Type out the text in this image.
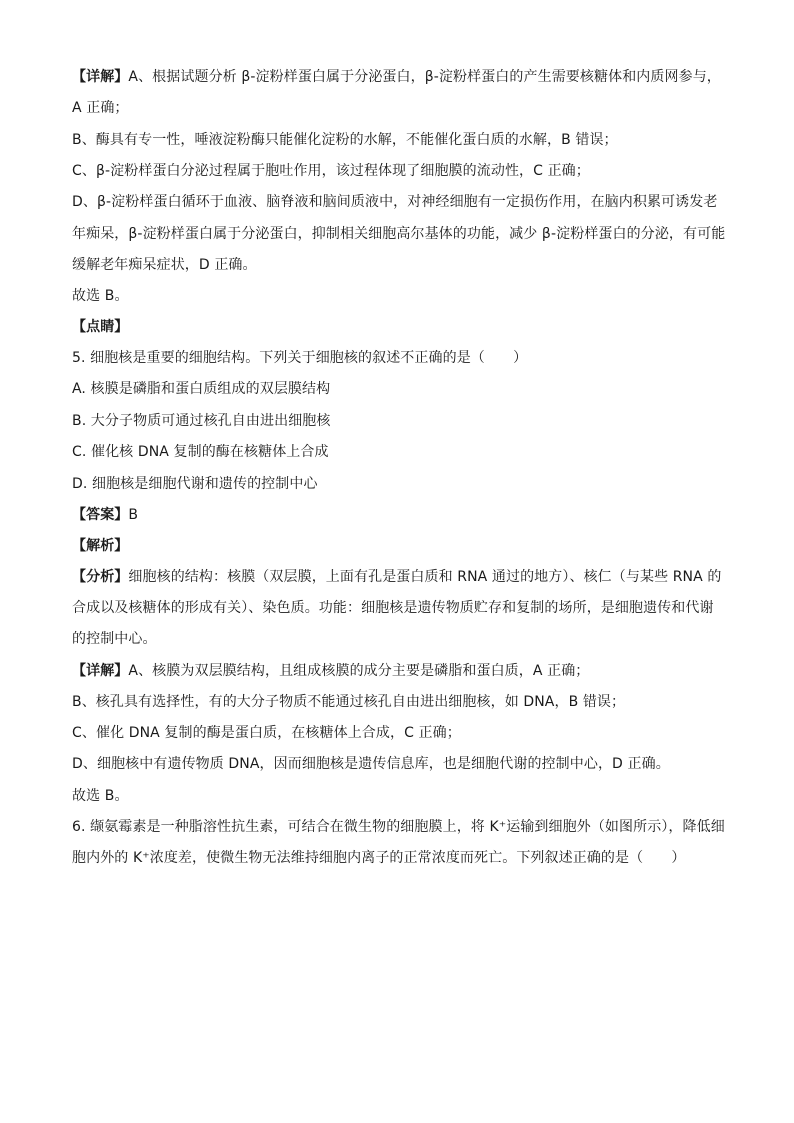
【详解】A、根据试题分析 β-淀粉样蛋白属于分泌蛋白，β-淀粉样蛋白的产生需要核糖体和内质网参与，
A 正确；
B、酶具有专一性，唾液淀粉酶只能催化淀粉的水解，不能催化蛋白质的水解，B 错误；
C、β-淀粉样蛋白分泌过程属于胞吐作用，该过程体现了细胞膜的流动性，C 正确；
D、β-淀粉样蛋白循环于血液、脑脊液和脑间质液中，对神经细胞有一定损伤作用，在脑内积累可诱发老
年痴呆，β-淀粉样蛋白属于分泌蛋白，抑制相关细胞高尔基体的功能，减少 β-淀粉样蛋白的分泌，有可能
缓解老年痴呆症状，D 正确。
故选 B。
【点睛】
5. 细胞核是重要的细胞结构。下列关于细胞核的叙述不正确的是（　　）
A. 核膜是磷脂和蛋白质组成的双层膜结构
B. 大分子物质可通过核孔自由进出细胞核
C. 催化核 DNA 复制的酶在核糖体上合成
D. 细胞核是细胞代谢和遗传的控制中心
【答案】B
【解析】
【分析】细胞核的结构：核膜（双层膜，上面有孔是蛋白质和 RNA 通过的地方）、核仁（与某些 RNA 的
合成以及核糖体的形成有关）、染色质。功能：细胞核是遗传物质贮存和复制的场所，是细胞遗传和代谢
的控制中心。
【详解】A、核膜为双层膜结构，且组成核膜的成分主要是磷脂和蛋白质，A 正确；
B、核孔具有选择性，有的大分子物质不能通过核孔自由进出细胞核，如 DNA，B 错误；
C、催化 DNA 复制的酶是蛋白质，在核糖体上合成，C 正确；
D、细胞核中有遗传物质 DNA，因而细胞核是遗传信息库，也是细胞代谢的控制中心，D 正确。
故选 B。
6. 缬氨霉素是一种脂溶性抗生素，可结合在微生物的细胞膜上，将 K⁺运输到细胞外（如图所示），降低细
胞内外的 K⁺浓度差，使微生物无法维持细胞内离子的正常浓度而死亡。下列叙述正确的是（　　）
